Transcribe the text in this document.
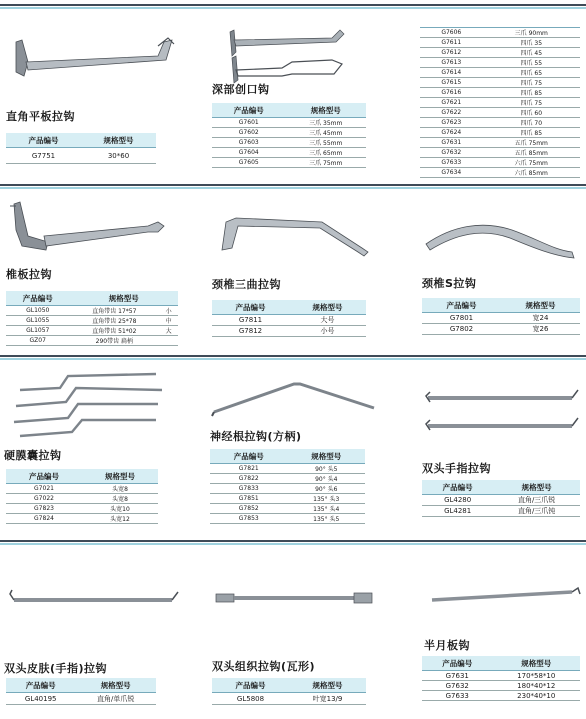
直角平板拉钩
产品编号	规格型号
G7751	30*60
深部创口钩
产品编号	规格型号
G7601	三爪 35mm
G7602	三爪 45mm
G7603	三爪 55mm
G7604	三爪 65mm
G7605	三爪 75mm
G7606	三爪 90mm
G7611	四爪 35
G7612	四爪 45
G7613	四爪 55
G7614	四爪 65
G7615	四爪 75
G7616	四爪 85
G7621	四爪 75
G7622	四爪 60
G7623	四爪 70
G7624	四爪 85
G7631	五爪 75mm
G7632	五爪 85mm
G7633	六爪 75mm
G7634	六爪 85mm
椎板拉钩
产品编号	规格型号	
GL1050	直角带齿 17*57	小
GL1055	直角带齿 25*78	中
GL1057	直角带齿 51*02	大
GZ07	290带齿 扁柄	
颈椎三曲拉钩
产品编号	规格型号
G7811	大号
G7812	小号
颈椎S拉钩
产品编号	规格型号
G7801	宽24
G7802	宽26
硬膜囊拉钩
产品编号	规格型号
G7021	头宽8
G7022	头宽8
G7823	头宽10
G7824	头宽12
神经根拉钩(方柄)
产品编号	规格型号
G7821	90° 头5
G7822	90° 头4
G7833	90° 头6
G7851	135° 头3
G7852	135° 头4
G7853	135° 头5
双头手指拉钩
产品编号	规格型号
GL4280	直角/三爪锐
GL4281	直角/三爪钝
双头皮肤(手指)拉钩
产品编号	规格型号
GL40195	直角/单爪锐
双头组织拉钩(瓦形)
产品编号	规格型号
GL5808	叶宽13/9
半月板钩
产品编号	规格型号
G7631	170*58*10
G7632	180*40*12
G7633	230*40*10
